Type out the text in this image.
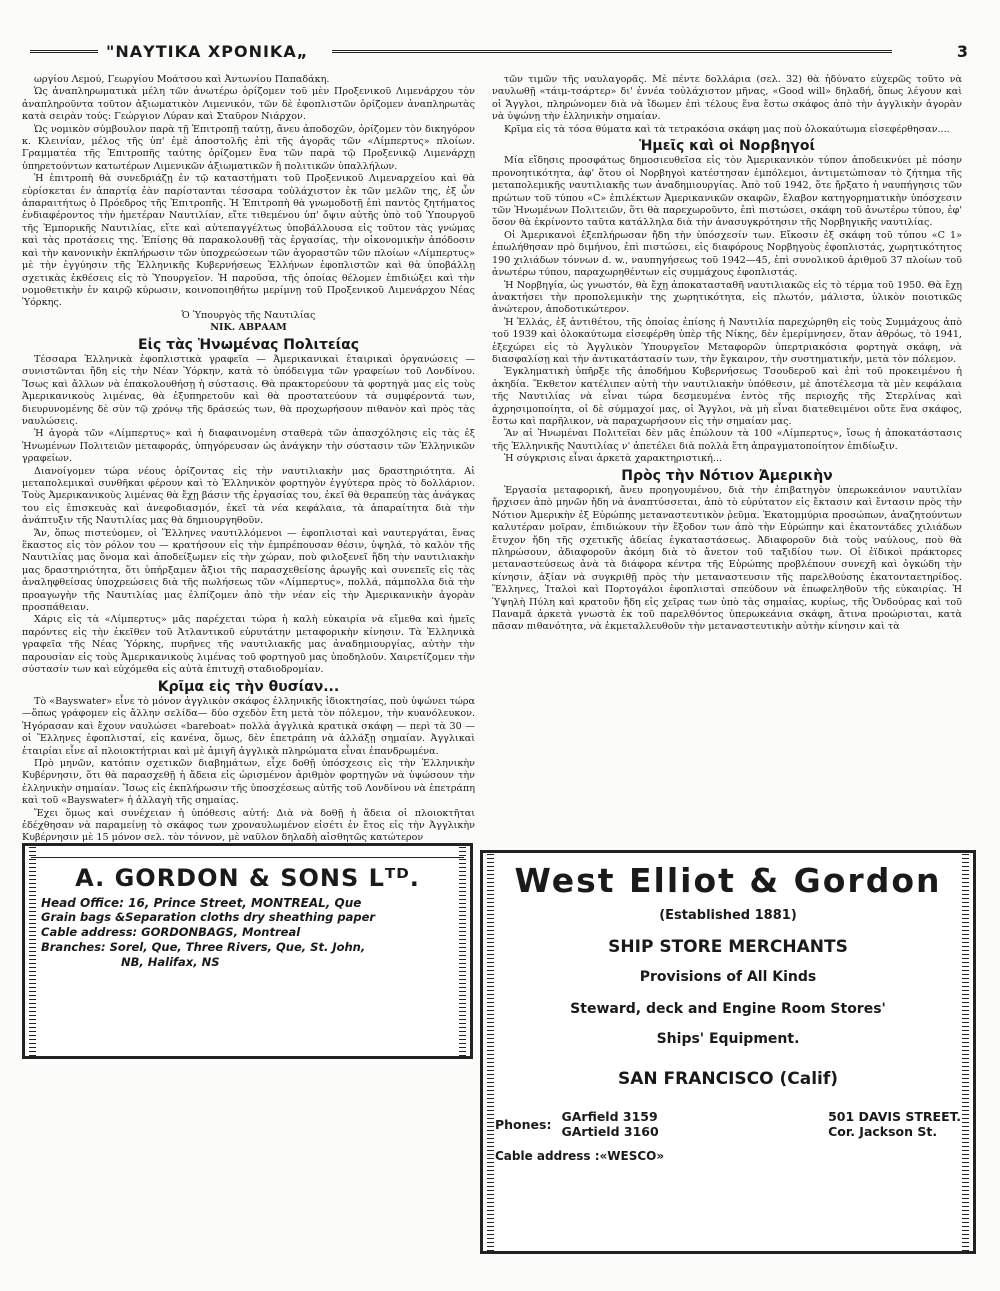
"ΝΑΥΤΙΚΑ ΧΡΟΝΙΚΑ„	3

ωργίου Λεμού, Γεωργίου Μοάτσου καὶ Ἀντωνίου Παπαδάκη.

Ὡς ἀναπληρωματικὰ μέλη τῶν ἀνωτέρω ὁρίζομεν τοῦ μὲν Προξενικοῦ Λιμενάρχου τὸν ἀναπληροῦντα τοῦτον ἀξιωματικὸν Λιμενικόν, τῶν δὲ ἐφοπλιστῶν ὁρίζομεν ἀναπληρωτὰς κατὰ σειρὰν τούς: Γεώργιον Λύραν καὶ Σταῦρον Νιάρχον.

Ὡς νομικὸν σύμβουλον παρὰ τῇ Ἐπιτροπῇ ταύτῃ, ἄνευ ἀποδοχῶν, ὁρίζομεν τὸν δικηγόρον κ. Κλεινίαν, μέλος τῆς ὑπ' ἐμὲ ἀποστολῆς ἐπὶ τῆς ἀγορᾶς τῶν «Λίμπερτυς» πλοίων. Γραμματέα τῆς Ἐπιτροπῆς ταύτης ὁρίζομεν ἕνα τῶν παρὰ τῷ Προξενικῷ Λιμενάρχῃ ὑπηρετούντων κατωτέρων Λιμενικῶν ἀξιωματικῶν ἢ πολιτικῶν ὑπαλλήλων.

Ἡ ἐπιτροπὴ θὰ συνεδριάζῃ ἐν τῷ καταστήματι τοῦ Προξενικοῦ Λιμεναρχείου καὶ θὰ εὑρίσκεται ἐν ἀπαρτίᾳ ἐὰν παρίστανται τέσσαρα τοὐλάχιστον ἐκ τῶν μελῶν της, ἐξ ὧν ἀπαραιτήτως ὁ Πρόεδρος τῆς Ἐπιτροπῆς. Ἡ Ἐπιτροπὴ θὰ γνωμοδοτῇ ἐπὶ παντὸς ζητήματος ἐνδιαφέροντος τὴν ἡμετέραν Ναυτιλίαν, εἴτε τιθεμένου ὑπ' ὄψιν αὐτῆς ὑπὸ τοῦ Ὑπουργοῦ τῆς Ἐμπορικῆς Ναυτιλίας, εἴτε καὶ αὐτεπαγγέλτως ὑποβάλλουσα εἰς τοῦτον τὰς γνώμας καὶ τὰς προτάσεις της. Ἐπίσης θὰ παρακολουθῇ τὰς ἐργασίας, τὴν οἰκονομικὴν ἀπόδοσιν καὶ τὴν κανονικὴν ἐκπλήρωσιν τῶν ὑποχρεώσεων τῶν ἀγοραστῶν τῶν πλοίων «Λίμπερτυς» μὲ τὴν ἐγγύησιν τῆς Ἑλληνικῆς Κυβερνήσεως Ἑλλήνων ἐφοπλιστῶν καὶ θὰ ὑποβάλλῃ σχετικὰς ἐκθέσεις εἰς τὸ Ὑπουργεῖον. Ἡ παροῦσα, τῆς ὁποίας θέλομεν ἐπιδιώξει καὶ τὴν νομοθετικὴν ἐν καιρῷ κύρωσιν, κοινοποιηθήτω μερίμνῃ τοῦ Προξενικοῦ Λιμενάρχου Νέας Ὑόρκης.

Ὁ Ὑπουργὸς τῆς Ναυτιλίας

ΝΙΚ. ΑΒΡΑΑΜ

Εἰς τὰς Ἡνωμένας Πολιτείας

Τέσσαρα Ἑλληνικὰ ἐφοπλιστικὰ γραφεῖα — Ἀμερικανικαὶ ἑταιρικαὶ ὀργανώσεις — συνιστῶνται ἤδη εἰς τὴν Νέαν Ὑόρκην, κατὰ τὸ ὑπόδειγμα τῶν γραφείων τοῦ Λονδίνου. Ἴσως καὶ ἄλλων νὰ ἐπακολουθήσῃ ἡ σύστασις. Θὰ πρακτορεύουν τὰ φορτηγὰ μας εἰς τοὺς Ἀμερικανικοὺς λιμένας, θὰ ἐξυπηρετοῦν καὶ θὰ προστατεύουν τὰ συμφέροντά των, διευρυνομένης δὲ σὺν τῷ χρόνῳ τῆς δράσεώς των, θὰ προχωρήσουν πιθανὸν καὶ πρὸς τὰς ναυλώσεις.

Ἡ ἀγορὰ τῶν «Λίμπερτυς» καὶ ἡ διαφαινομένη σταθερὰ τῶν ἀπασχόλησις εἰς τὰς ἐξ Ἡνωμένων Πολιτειῶν μεταφοράς, ὑπηγόρευσαν ὡς ἀνάγκην τὴν σύστασιν τῶν Ἑλληνικῶν γραφείων.

Διανοίγομεν τώρα νέους ὁρίζοντας εἰς τὴν ναυτιλιακὴν μας δραστηριότητα. Αἱ μεταπολεμικαὶ συνθῆκαι φέρουν καὶ τὸ Ἑλληνικὸν φορτηγὸν ἐγγύτερα πρὸς τὸ δολλάριον. Τοὺς Ἀμερικανικοὺς λιμένας θὰ ἔχῃ βάσιν τῆς ἐργασίας του, ἐκεῖ θὰ θεραπεύῃ τὰς ἀνάγκας του εἰς ἐπισκευὰς καὶ ἀνεφοδιασμόν, ἐκεῖ τὰ νέα κεφάλαια, τὰ ἀπαραίτητα διὰ τὴν ἀνάπτυξιν τῆς Ναυτιλίας μας θὰ δημιουργηθοῦν.

Ἄν, ὅπως πιστεύομεν, οἱ Ἕλληνες ναυτιλλόμενοι — ἐφοπλισταὶ καὶ ναυτεργάται, ἕνας ἕκαστος εἰς τὸν ρόλον του — κρατήσουν εἰς τὴν ἐμπρέπουσαν θέσιν, ὑψηλά, τὸ καλὸν τῆς Ναυτιλίας μας ὄνομα καὶ ἀποδείξωμεν εἰς τὴν χώραν, ποὺ φιλοξενεῖ ἤδη τὴν ναυτιλιακὴν μας δραστηριότητα, ὅτι ὑπήρξαμεν ἄξιοι τῆς παρασχεθείσης ἀρωγῆς καὶ συνεπεῖς εἰς τὰς ἀναληφθείσας ὑποχρεώσεις διὰ τῆς πωλήσεως τῶν «Λίμπερτυς», πολλά, πάμπολλα διὰ τὴν προαγωγὴν τῆς Ναυτιλίας μας ἐλπίζομεν ἀπὸ τὴν νέαν εἰς τὴν Ἀμερικανικὴν ἀγορὰν προσπάθειαν.

Χάρις εἰς τὰ «Λίμπερτυς» μᾶς παρέχεται τώρα ἡ καλὴ εὐκαιρία νὰ εἴμεθα καὶ ἡμεῖς παρόντες εἰς τὴν ἐκεῖθεν τοῦ Ἀτλαντικοῦ εὐρυτάτην μεταφορικὴν κίνησιν. Τὰ Ἑλληνικὰ γραφεῖα τῆς Νέας Ὑόρκης, πυρῆνες τῆς ναυτιλιακῆς μας ἀναδημιουργίας, αὐτὴν τὴν παρουσίαν εἰς τοὺς Ἀμερικανικοὺς λιμένας τοῦ φορτηγοῦ μας ὑποδηλοῦν. Χαιρετίζομεν τὴν σύστασίν των καὶ εὐχόμεθα εἰς αὐτὰ ἐπιτυχῆ σταδιοδρομίαν.

Κρῖμα εἰς τὴν θυσίαν...

Τὸ «Bayswater» εἶνε τὸ μόνον ἀγγλικὸν σκάφος ἑλληνικῆς ἰδιοκτησίας, ποὺ ὑψώνει τώρα —ὅπως γράφομεν εἰς ἄλλην σελίδα— δύο σχεδὸν ἔτη μετὰ τὸν πόλεμον, τὴν κυανόλευκον. Ἡγόρασαν καὶ ἔχουν ναυλώσει «bareboat» πολλὰ ἀγγλικὰ κρατικὰ σκάφη — περὶ τὰ 30 — οἱ Ἕλληνες ἐφοπλισταί, εἰς κανένα, ὅμως, δὲν ἐπετράπη νὰ ἀλλάξῃ σημαίαν. Ἀγγλικαὶ ἑταιρίαι εἶνε αἱ πλοιοκτήτριαι καὶ μὲ ἀμιγῆ ἀγγλικὰ πληρώματα εἶναι ἐπανδρωμένα.

Πρὸ μηνῶν, κατόπιν σχετικῶν διαβημάτων, εἶχε δοθῇ ὑπόσχεσις εἰς τὴν Ἑλληνικὴν Κυβέρνησιν, ὅτι θὰ παρασχεθῇ ἡ ἄδεια εἰς ὡρισμένον ἀριθμὸν φορτηγῶν νὰ ὑψώσουν τὴν ἑλληνικὴν σημαίαν. Ἴσως εἰς ἐκπλήρωσιν τῆς ὑποσχέσεως αὐτῆς τοῦ Λονδίνου νὰ ἐπετράπη καὶ τοῦ «Bayswater» ἡ ἀλλαγὴ τῆς σημαίας.

Ἔχει ὅμως καὶ συνέχειαν ἡ ὑπόθεσις αὐτή: Διὰ νὰ δοθῇ ἡ ἄδεια οἱ πλοιοκτῆται ἐδέχθησαν νὰ παραμείνῃ τὸ σκάφος των χροναυλωμένον εἰσέτι ἐν ἔτος εἰς τὴν Ἀγγλικὴν Κυβέρνησιν μὲ 15 μόνον σελ. τὸν τόννον, μὲ ναῦλον δηλαδὴ αἰσθητῶς κατώτερον

τῶν τιμῶν τῆς ναυλαγορᾶς. Μὲ πέντε δολλάρια (σελ. 32) θὰ ἠδύνατο εὐχερῶς τοῦτο νὰ ναυλωθῇ «τάιμ-τσάρτερ» δι' ἐννέα τοὐλάχιστον μῆνας, «Good will» δηλαδή, ὅπως λέγουν καὶ οἱ Ἄγγλοι, πληρώνομεν διὰ νὰ ἴδωμεν ἐπὶ τέλους ἕνα ἔστω σκάφος ἀπὸ τὴν ἀγγλικὴν ἀγορὰν νὰ ὑψώνῃ τὴν ἑλληνικὴν σημαίαν.

Κρῖμα εἰς τὰ τόσα θύματα καὶ τὰ τετρακόσια σκάφη μας ποὺ ὁλοκαύτωμα εἰσεφέρθησαν....

Ἡμεῖς καὶ οἱ Νορβηγοί

Μία εἴδησις προσφάτως δημοσιευθεῖσα εἰς τὸν Ἀμερικανικὸν τύπον ἀποδεικνύει μὲ πόσην προνοητικότητα, ἀφ' ὅτου οἱ Νορβηγοὶ κατέστησαν ἐμπόλεμοι, ἀντιμετώπισαν τὸ ζήτημα τῆς μεταπολεμικῆς ναυτιλιακῆς των ἀναδημιουργίας. Ἀπὸ τοῦ 1942, ὅτε ἤρξατο ἡ ναυπήγησις τῶν πρώτων τοῦ τύπου «C» ἐπιλέκτων Ἀμερικανικῶν σκαφῶν, ἔλαβον κατηγορηματικὴν ὑπόσχεσιν τῶν Ἡνωμένων Πολιτειῶν, ὅτι θὰ παρεχωροῦντο, ἐπὶ πιστώσει, σκάφη τοῦ ἀνωτέρω τύπου, ἐφ' ὅσον θὰ ἐκρίνοντο ταῦτα κατάλληλα διὰ τὴν ἀνασυγκρότησιν τῆς Νορβηγικῆς ναυτιλίας.

Οἱ Ἀμερικανοὶ ἐξεπλήρωσαν ἤδη τὴν ὑπόσχεσίν των. Εἴκοσιν ἐξ σκάφη τοῦ τύπου «C 1» ἐπωλήθησαν πρὸ διμήνου, ἐπὶ πιστώσει, εἰς διαφόρους Νορβηγοὺς ἐφοπλιστάς, χωρητικότητος 190 χιλιάδων τόννων d. w., ναυπηγήσεως τοῦ 1942—45, ἐπὶ συνολικοῦ ἀριθμοῦ 37 πλοίων τοῦ ἀνωτέρω τύπου, παραχωρηθέντων εἰς συμμάχους ἐφοπλιστάς.

Ἡ Νορβηγία, ὡς γνωστόν, θὰ ἔχῃ ἀποκατασταθῆ ναυτιλιακῶς εἰς τὸ τέρμα τοῦ 1950. Θὰ ἔχῃ ἀνακτήσει τὴν προπολεμικὴν της χωρητικότητα, εἰς πλωτόν, μάλιστα, ὑλικὸν ποιοτικῶς ἀνώτερον, ἀποδοτικώτερον.

Ἡ Ἑλλάς, ἐξ ἀντιθέτου, τῆς ὁποίας ἐπίσης ἡ Ναυτιλία παρεχώρηθη εἰς τοὺς Συμμάχους ἀπὸ τοῦ 1939 καὶ ὁλοκαύτωμα εἰσεφέρθη ὑπὲρ τῆς Νίκης, δὲν ἐμερίμνησεν, ὅταν ἀθρόως, τὸ 1941, ἐξεχώρει εἰς τὸ Ἀγγλικὸν Ὑπουργεῖον Μεταφορῶν ὑπερτριακόσια φορτηγὰ σκάφη, νὰ διασφαλίσῃ καὶ τὴν ἀντικατάστασίν των, τὴν ἔγκαιρον, τὴν συστηματικήν, μετὰ τὸν πόλεμον.

Ἐγκληματικὴ ὑπῆρξε τῆς ἀποδήμου Κυβερνήσεως Τσουδεροῦ καὶ ἐπὶ τοῦ προκειμένου ἡ ἀκηδία. Ἔκθετον κατέλιπεν αὐτὴ τὴν ναυτιλιακὴν ὑπόθεσιν, μὲ ἀποτέλεσμα τὰ μὲν κεφάλαια τῆς Ναυτιλίας νὰ εἶναι τώρα δεσμευμένα ἐντὸς τῆς περιοχῆς τῆς Στερλίνας καὶ ἀχρησιμοποίητα, οἱ δὲ σύμμαχοί μας, οἱ Ἄγγλοι, νὰ μὴ εἶναι διατεθειμένοι οὔτε ἕνα σκάφος, ἔστω καὶ παρῆλικον, νὰ παραχωρήσουν εἰς τὴν σημαίαν μας.

Ἂν αἱ Ἡνωμέναι Πολιτεῖαι δὲν μᾶς ἐπώλουν τὰ 100 «Λίμπερτυς», ἴσως ἡ ἀποκατάστασις τῆς Ἑλληνικῆς Ναυτιλίας ν' ἀπετέλει διὰ πολλὰ ἔτη ἀπραγματοποίητον ἐπιδίωξιν.

Ἡ σύγκρισις εἶναι ἀρκετὰ χαρακτηριστική...

Πρὸς τὴν Νότιον Ἀμερικὴν

Ἐργασία μεταφορική, ἄνευ προηγουμένου, διὰ τὴν ἐπιβατηγὸν ὑπερωκεάνιον ναυτιλίαν ἤρχισεν ἀπὸ μηνῶν ἤδη νὰ ἀναπτύσσεται, ἀπὸ τὸ εὐρύτατον εἰς ἔκτασιν καὶ ἔντασιν πρὸς τὴν Νότιον Ἀμερικὴν ἐξ Εὐρώπης μεταναστευτικὸν ῥεῦμα. Ἑκατομμύρια προσώπων, ἀναζητούντων καλυτέραν μοῖραν, ἐπιδιώκουν τὴν ἔξοδον των ἀπὸ τὴν Εὐρώπην καὶ ἑκατοντάδες χιλιάδων ἔτυχον ἤδη τῆς σχετικῆς ἀδείας ἐγκαταστάσεως. Ἀδιαφοροῦν διὰ τοὺς ναύλους, ποὺ θὰ πληρώσουν, ἀδιαφοροῦν ἀκόμη διὰ τὸ ἄνετον τοῦ ταξιδίου των. Οἱ ἐϊδικοὶ πράκτορες μεταναστεύσεως ἀνὰ τὰ διάφορα κέντρα τῆς Εὐρώπης προβλέπουν συνεχῆ καὶ ὀγκώδη τὴν κίνησιν, ἀξίαν νὰ συγκριθῇ πρὸς τὴν μεταναστευσιν τῆς παρελθούσης ἑκατονταετηρίδος. Ἕλληνες, Ἰταλοὶ καὶ Πορτογάλοι ἐφοπλισταὶ σπεύδουν νὰ ἐπωφεληθοῦν τῆς εὐκαιρίας. Ἡ Ὑψηλὴ Πύλη καὶ κρατοῦν ἤδη εἰς χεῖρας των ὑπὸ τὰς σημαίας, κυρίως, τῆς Ὁνδούρας καὶ τοῦ Παναμᾶ ἀρκετὰ γνωστὰ ἐκ τοῦ παρελθόντος ὑπερωκεάνια σκάφη, ἄτινα προώρισται, κατὰ πᾶσαν πιθανότητα, νὰ ἐκμεταλλευθοῦν τὴν μεταναστευτικὴν αὐτὴν κίνησιν καὶ τὰ

A. GORDON & SONS Lᵀᴰ.
Head Office: 16, Prince Street, MONTREAL, Que
Grain bags &Separation cloths dry sheathing paper
Cable address: GORDONBAGS, Montreal
Branches: Sorel, Que, Three Rivers, Que, St. John,
NB, Halifax, NS
West Elliot & Gordon
(Established 1881)
SHIP STORE MERCHANTS
Provisions of All Kinds
Steward, deck and Engine Room Stores'
Ships' Equipment.
SAN FRANCISCO (Calif)
Phones: GArfield 3159
GArtield 3160
501 DAVIS STREET.
Cor. Jackson St.
Cable address :«WESCO»
